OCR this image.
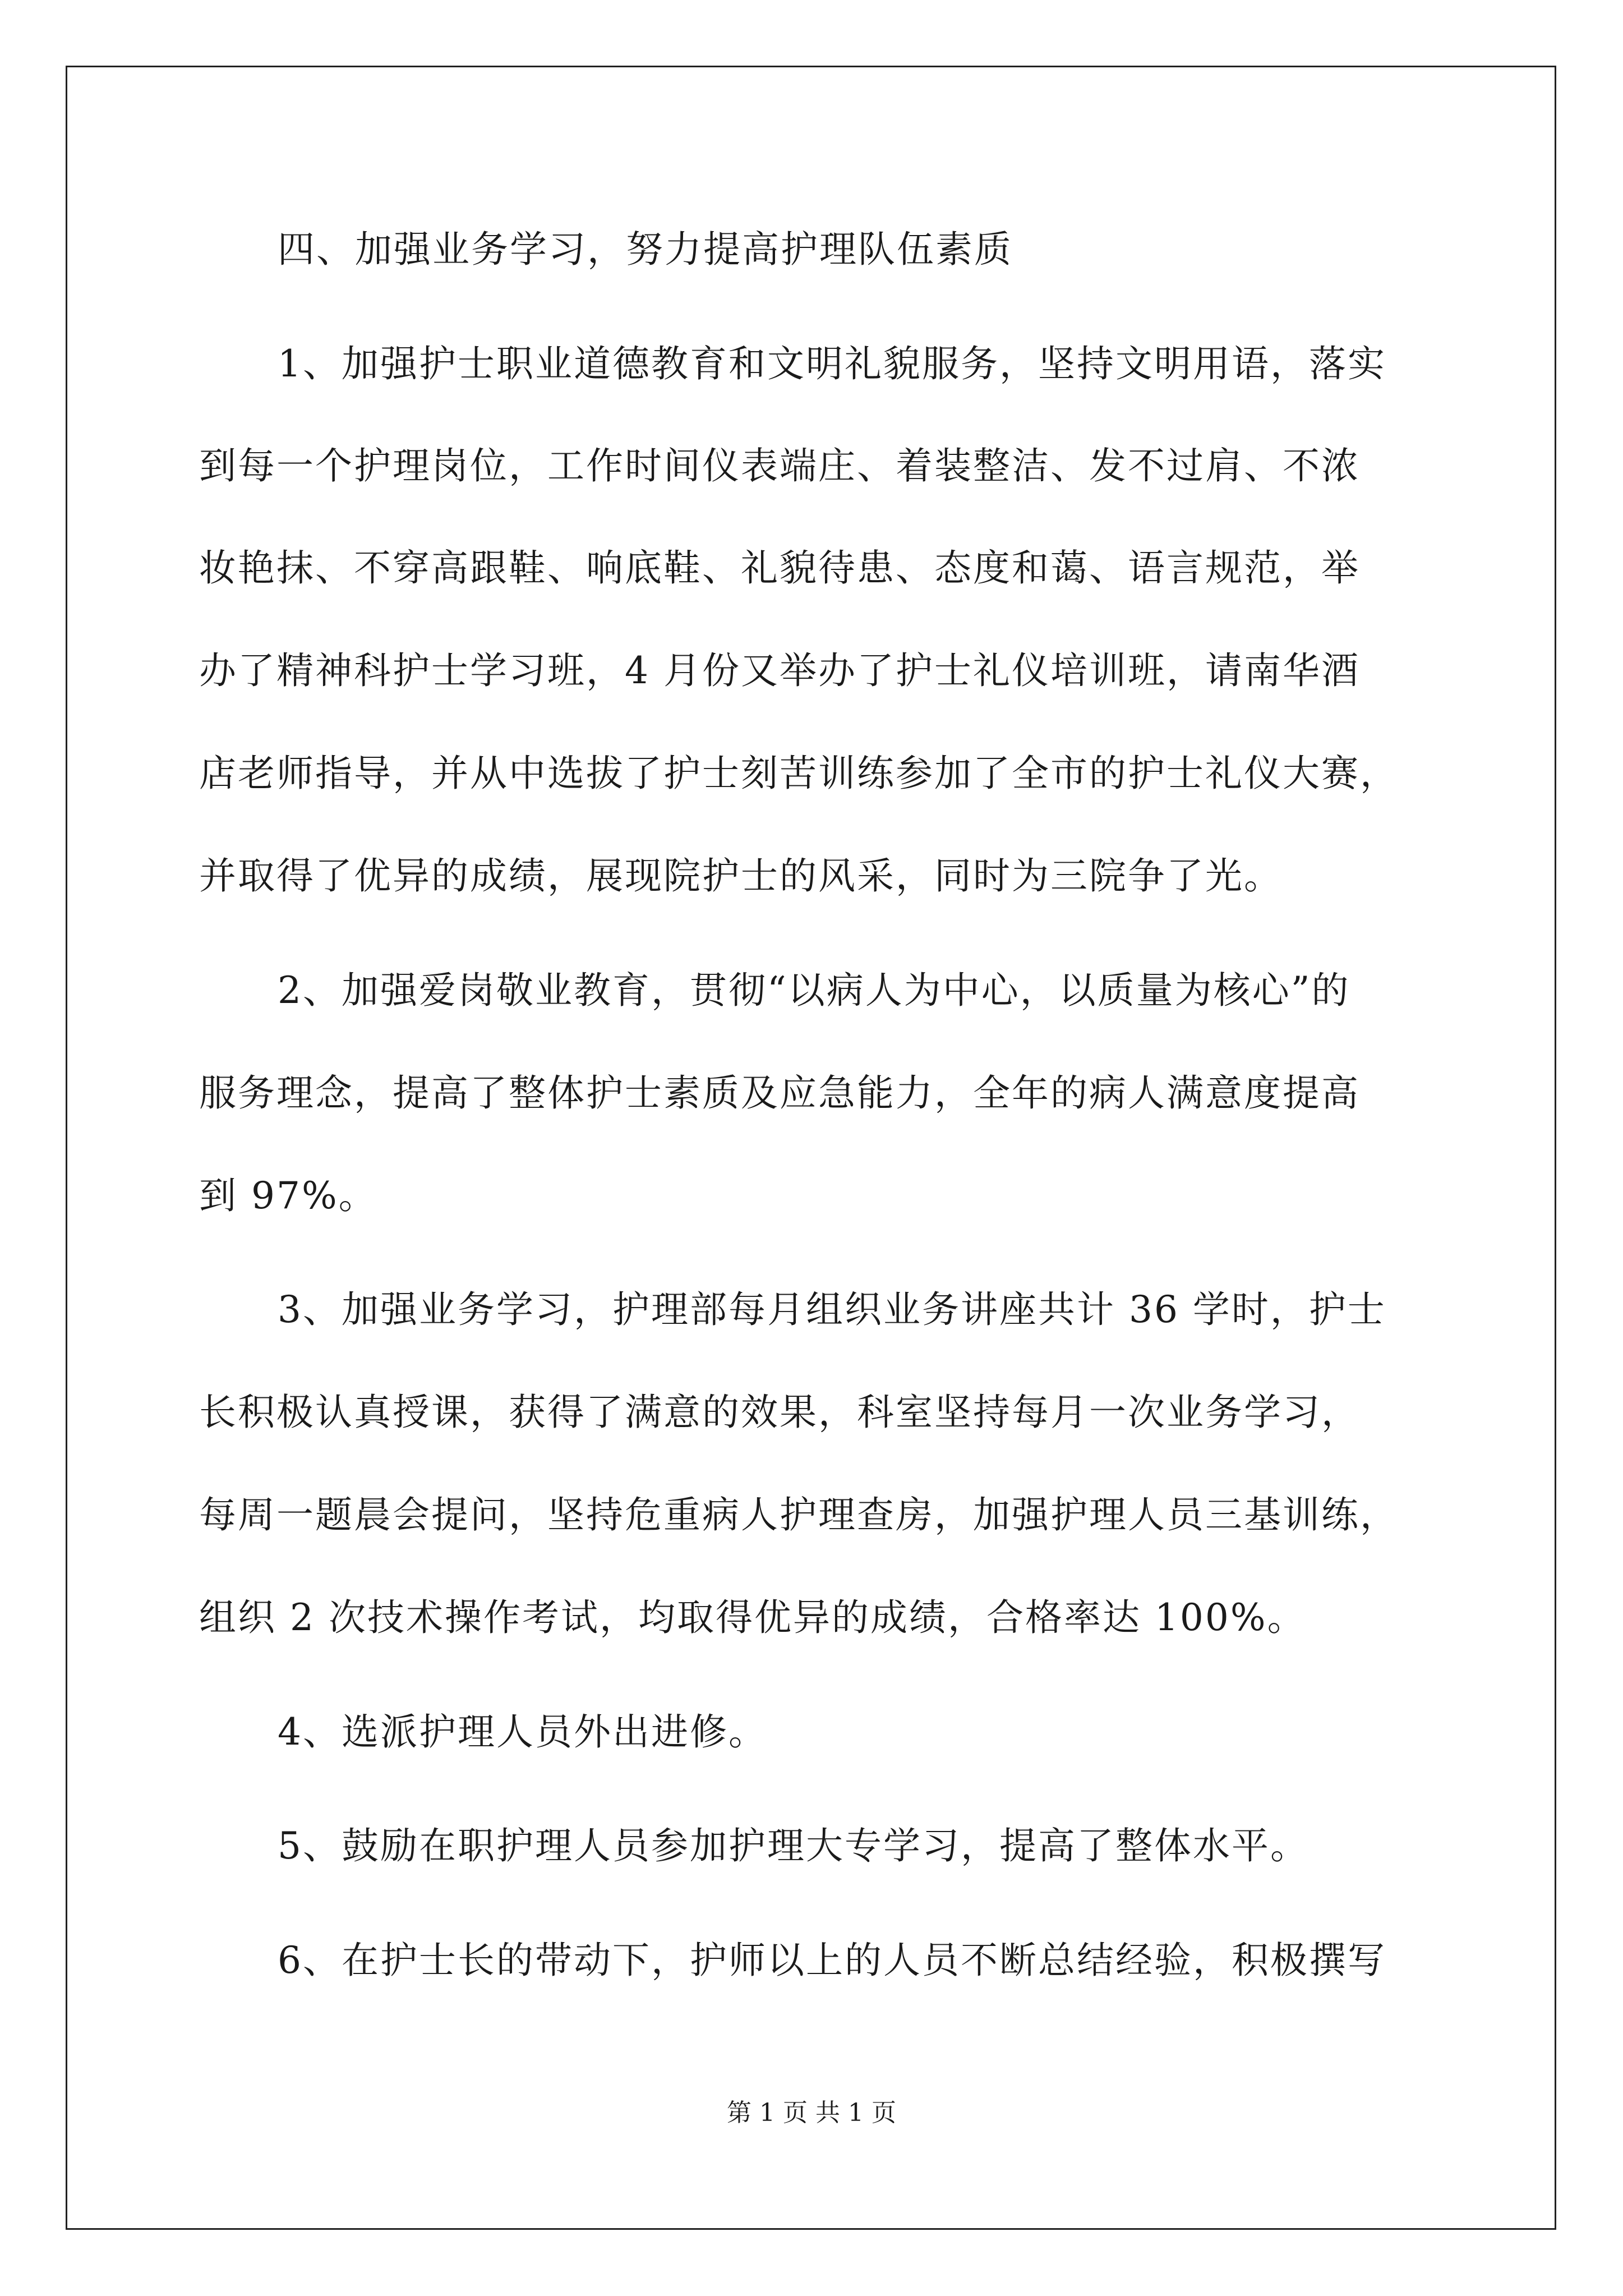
四、加强业务学习，努力提高护理队伍素质
1、加强护士职业道德教育和文明礼貌服务，坚持文明用语，落实
到每一个护理岗位，工作时间仪表端庄、着装整洁、发不过肩、不浓
妆艳抹、不穿高跟鞋、响底鞋、礼貌待患、态度和蔼、语言规范，举
办了精神科护士学习班，4 月份又举办了护士礼仪培训班，请南华酒
店老师指导，并从中选拔了护士刻苦训练参加了全市的护士礼仪大赛，
并取得了优异的成绩，展现院护士的风采，同时为三院争了光。
2、加强爱岗敬业教育，贯彻“以病人为中心，以质量为核心”的
服务理念，提高了整体护士素质及应急能力，全年的病人满意度提高
到 97%。
3、加强业务学习，护理部每月组织业务讲座共计 36 学时，护士
长积极认真授课，获得了满意的效果，科室坚持每月一次业务学习，
每周一题晨会提问，坚持危重病人护理查房，加强护理人员三基训练，
组织 2 次技术操作考试，均取得优异的成绩，合格率达 100%。
4、选派护理人员外出进修。
5、鼓励在职护理人员参加护理大专学习，提高了整体水平。
6、在护士长的带动下，护师以上的人员不断总结经验，积极撰写
第 1 页 共 1 页
